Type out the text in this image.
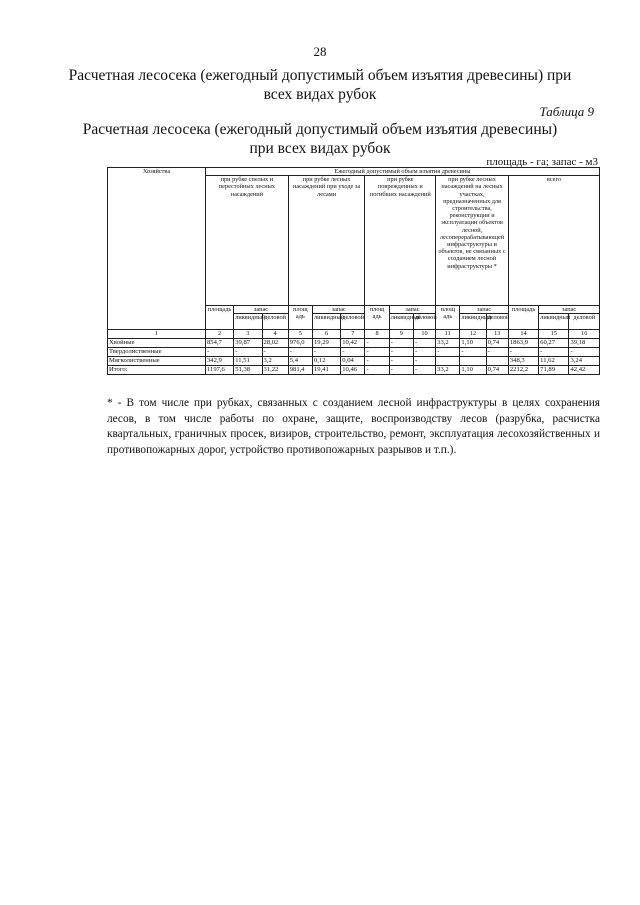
28
Расчетная лесосека (ежегодный допустимый объем изъятия древесины) при всех видах рубок
Таблица 9
Расчетная лесосека (ежегодный допустимый объем изъятия древесины) при всех видах рубок
площадь - га; запас - м3
Хозяйства	Ежегодный допустимый объем изъятия древесины														
	при рубке спелых и перестойных лесных насаждений			при рубке лесных насаждений при уходе за лесами			при рубке поврежденных и погибших насаждений			при рубке лесных насаждений на лесных участках, предназначенных для строительства, реконструкции и эксплуатации объектов лесной, лесоперерабатывающей инфраструктуры и объектов, не связанных с созданием лесной инфраструктуры *			всего		
	площадь	запас		площ адь	запас		площ адь	запас		площ адь	запас		площадь	запас	
		ликвидный	деловой		ликвидный	деловой		ликвидный	деловой		ликвидный	деловой		ликвидный	деловой
1	2	3	4	5	6	7	8	9	10	11	12	13	14	15	16
Хвойные	854,7	39,87	28,02	976,0	19,29	10,42	-	-	-	33,2	1,10	0,74	1863,9	60,27	39,18
Твердолиственные	-	-	-	-	-	-	-	-	-	-	-	-	-	-	-
Мягколиственные	342,9	11,51	3,2	5,4	0,12	0,04	-	-	-				348,3	11,62	3,24
Итого:	1197,6	51,38	31,22	981,4	19,41	10,46	-	-	-	33,2	1,10	0,74	2212,2	71,89	42,42
* - В том числе при рубках, связанных с созданием лесной инфраструктуры в целях сохранения лесов, в том числе работы по охране, защите, воспроизводству лесов (разрубка, расчистка квартальных, граничных просек, визиров, строительство, ремонт, эксплуатация лесохозяйственных и противопожарных дорог, устройство противопожарных разрывов и т.п.).
